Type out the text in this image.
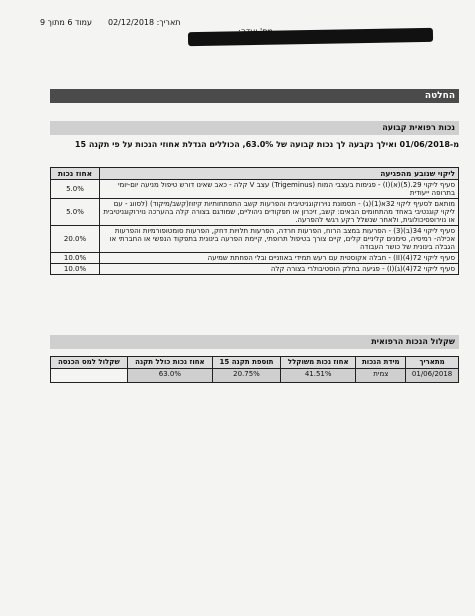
עמוד 6 מתוך 9 תאריך: 02/12/2018
החלטה
נכות רפואית קבועה
מ-01/06/2018 ואילך נקבעה לך נכות קבועה של 63.0%, הכוללים הגדלת אחוזי הנכות על פי תקנה 15
ליקוי שנובע מהפגיעה	אחוז נכות
סעיף ליקוי 29.(5)(א)(I) - פגימות בעצבי המוח (Trigeminus) עצב V קלה - כאב שאינו דורש טיפול מניעה יום-יומי בתרופה ייעודית	5.0%
מותאם לסעיף ליקוי 32א(1)(ג) - תסמונת נוירוקוגניטיבית והפרעות קשב התפתחותיות קיזוז(קשב/מיקוד) (לסווג - עם ליקוי קוגנטיבי באחד מהתחומים הבאים: קשב, זיכרון או תפקודים ניהוליים, שמודגם בצורה קלה בהערכה נוירוקוגניטיבית או נוירופסיכולוגית, ולאחר שנשלל רקע רגשי להפרעה.	5.0%
סעיף ליקוי 34(ב)(3) - הפרעות במצב הרוח, הפרעות חרדה, הפרעות תלויות דחק, הפרעות סומטופורמיות והפרעות אכילה- רמיסיה, סימנים קליניים קלים, קיים צורך בטיפול תרופתי, קיימת הפרעה בינונית בתפקוד הנפשי או החברתי או הגבלה בינונית של כושר העבודה	20.0%
סעיף ליקוי 72(4)(II) - חבלה אקוסטית עם רעש תמידי באוזניים ובלי הפחתת שמיעה	10.0%
סעיף ליקוי 72(4)(ג)(I) - פגיעה בחלק הוסטיבולרי בצורה קלה	10.0%
שקלול הנכות הרפואית
מתאריך	מידת הנכות	אחוז נכות משוקלל	תוספת תקנה 15	אחוז נכות כולל תקנה	שקלול למס הכנסה
01/06/2018	צמית	41.51%	20.75%	63.0%	
